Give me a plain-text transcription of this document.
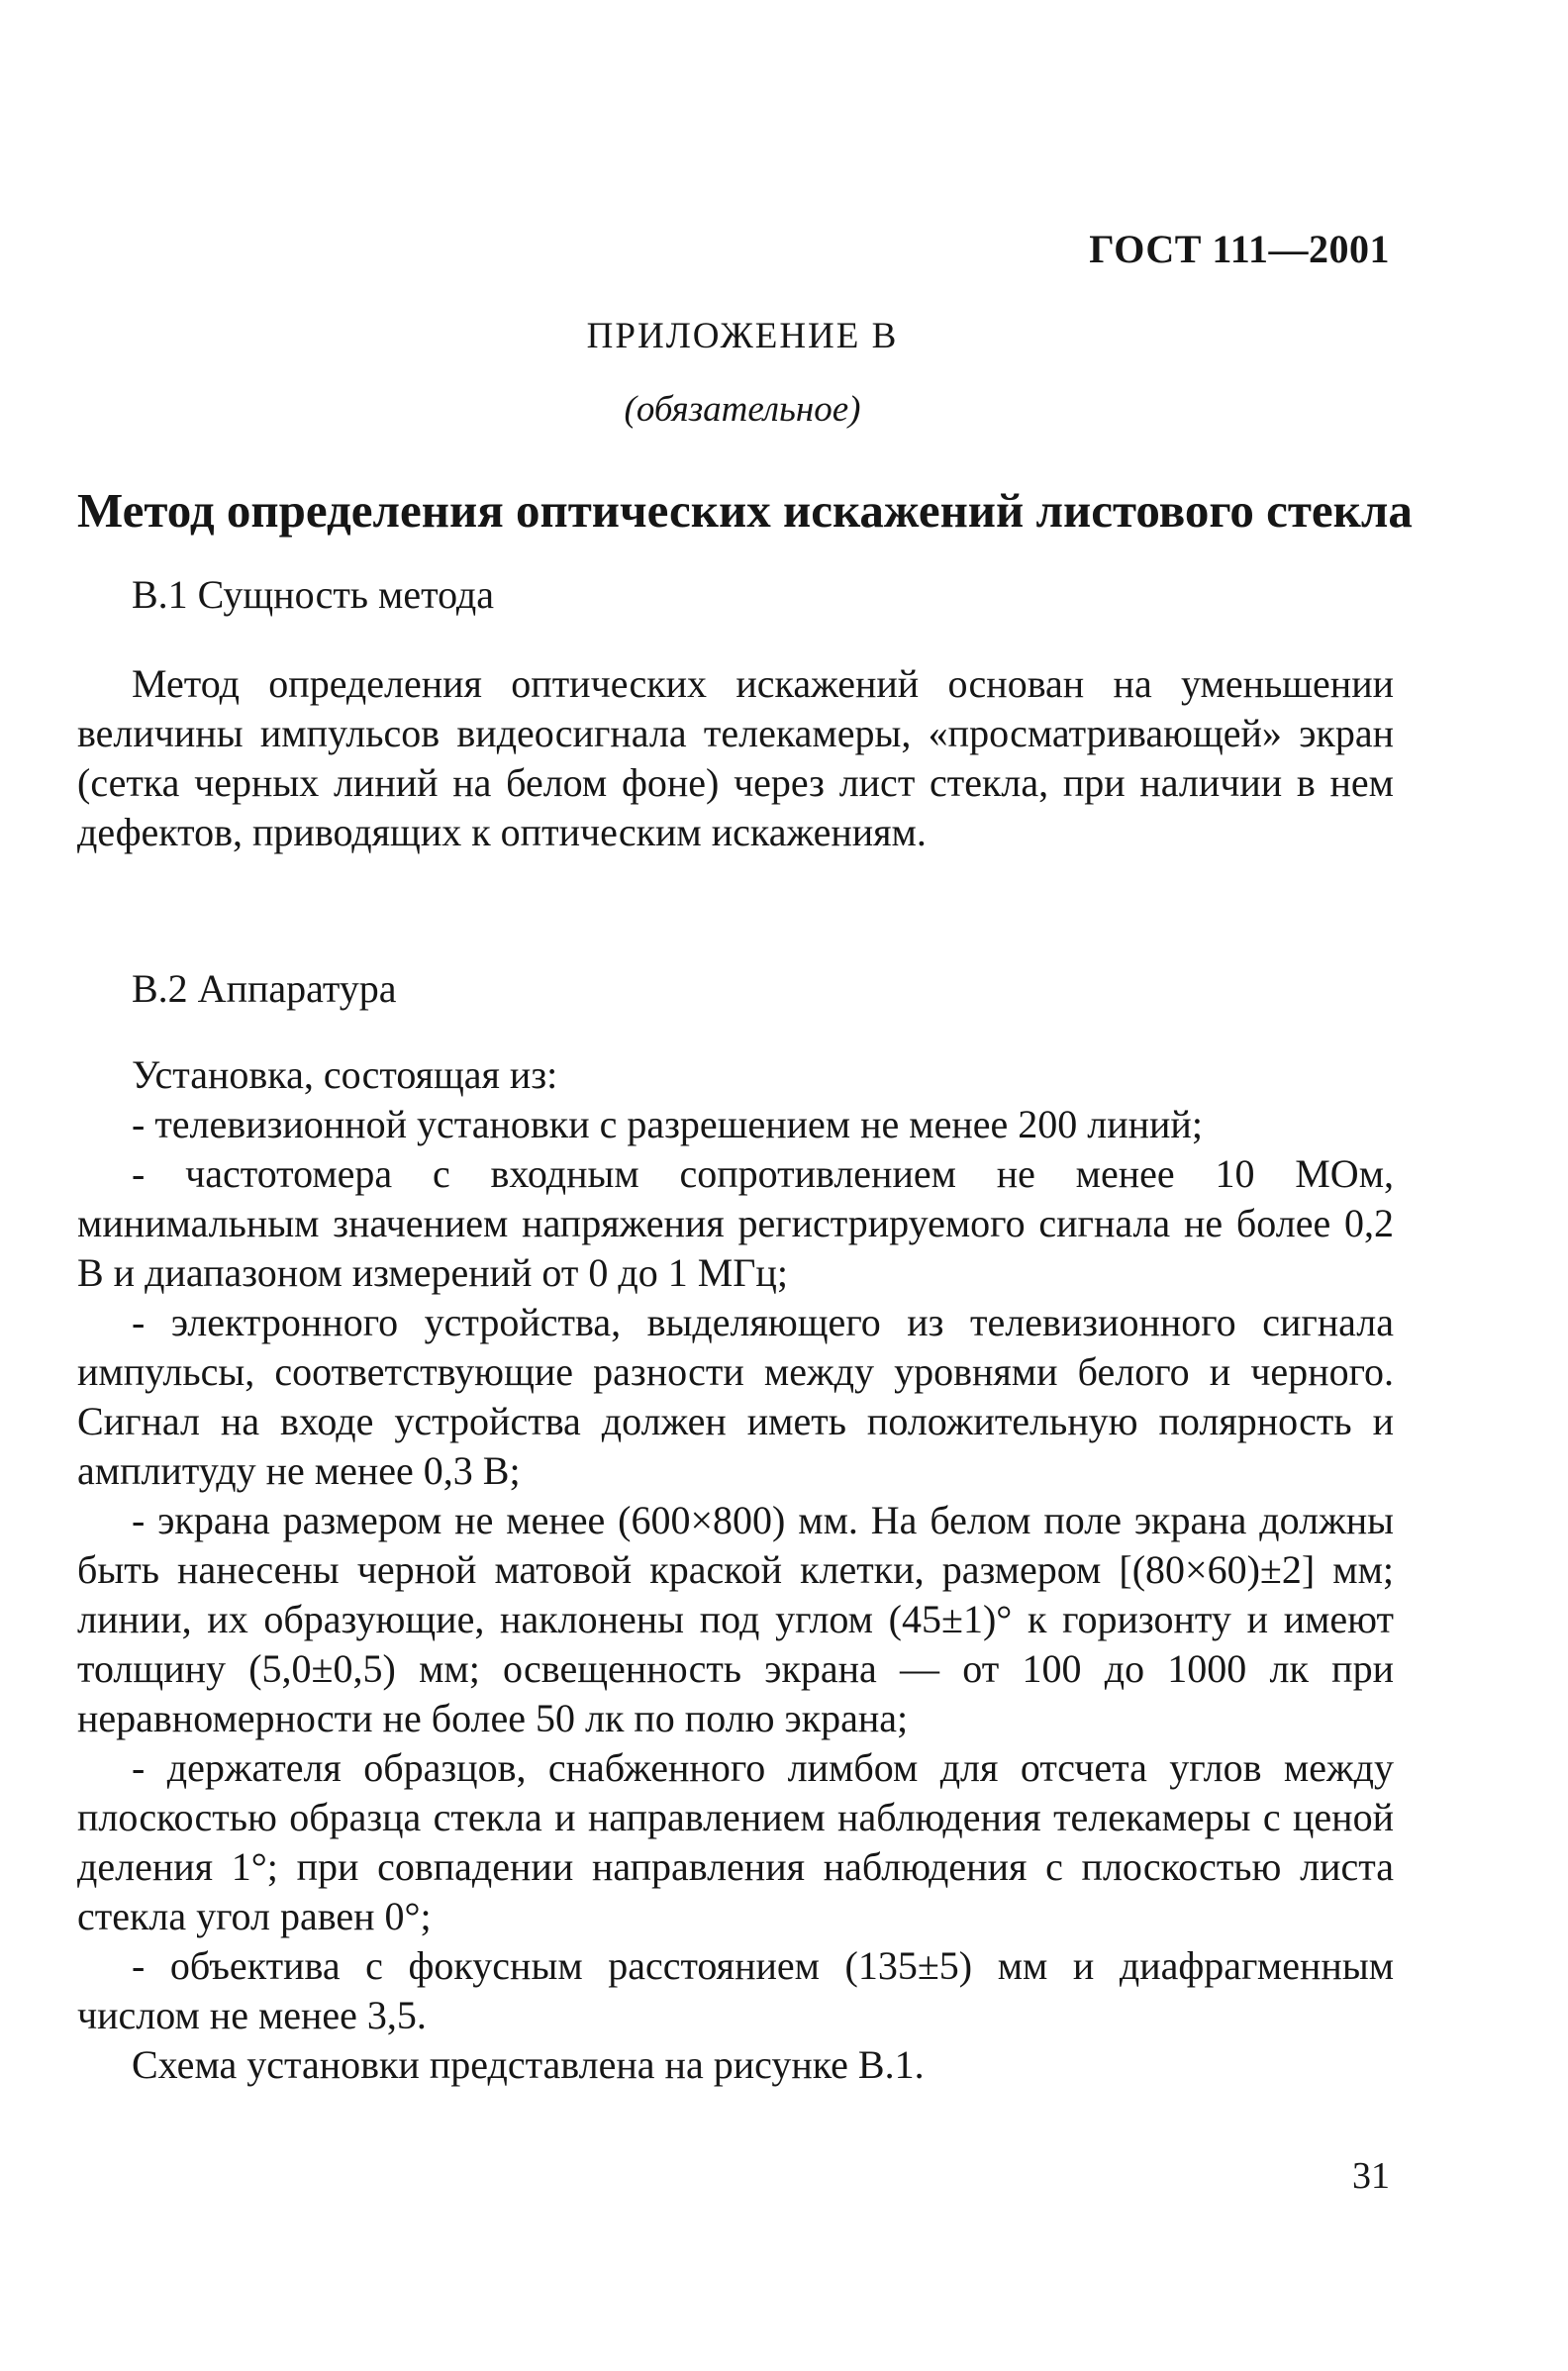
ГОСТ 111—2001
ПРИЛОЖЕНИЕ В
(обязательное)
Метод определения оптических искажений листового стекла
В.1 Сущность метода

Метод определения оптических искажений основан на уменьшении величины импульсов видеосигнала телекамеры, «просматривающей» экран (сетка черных линий на белом фоне) через лист стекла, при наличии в нем дефектов, приводящих к оптическим искажениям.

В.2 Аппаратура

Установка, состоящая из:

- телевизионной установки с разрешением не менее 200 линий;

- частотомера с входным сопротивлением не менее 10 МОм, минимальным значением напряжения регистрируемого сигнала не более 0,2 В и диапазоном измерений от 0 до 1 МГц;

- электронного устройства, выделяющего из телевизионного сигнала импульсы, соответствующие разности между уровнями белого и черного. Сигнал на входе устройства должен иметь положительную полярность и амплитуду не менее 0,3 В;

- экрана размером не менее (600×800) мм. На белом поле экрана должны быть нанесены черной матовой краской клетки, размером [(80×60)±2] мм; линии, их образующие, наклонены под углом (45±1)° к горизонту и имеют толщину (5,0±0,5) мм; освещенность экрана — от 100 до 1000 лк при неравномерности не более 50 лк по полю экрана;

- держателя образцов, снабженного лимбом для отсчета углов между плоскостью образца стекла и направлением наблюдения телекамеры с ценой деления 1°; при совпадении направления наблюдения с плоскостью листа стекла угол равен 0°;

- объектива с фокусным расстоянием (135±5) мм и диафрагменным числом не менее 3,5.

Схема установки представлена на рисунке В.1.

31
